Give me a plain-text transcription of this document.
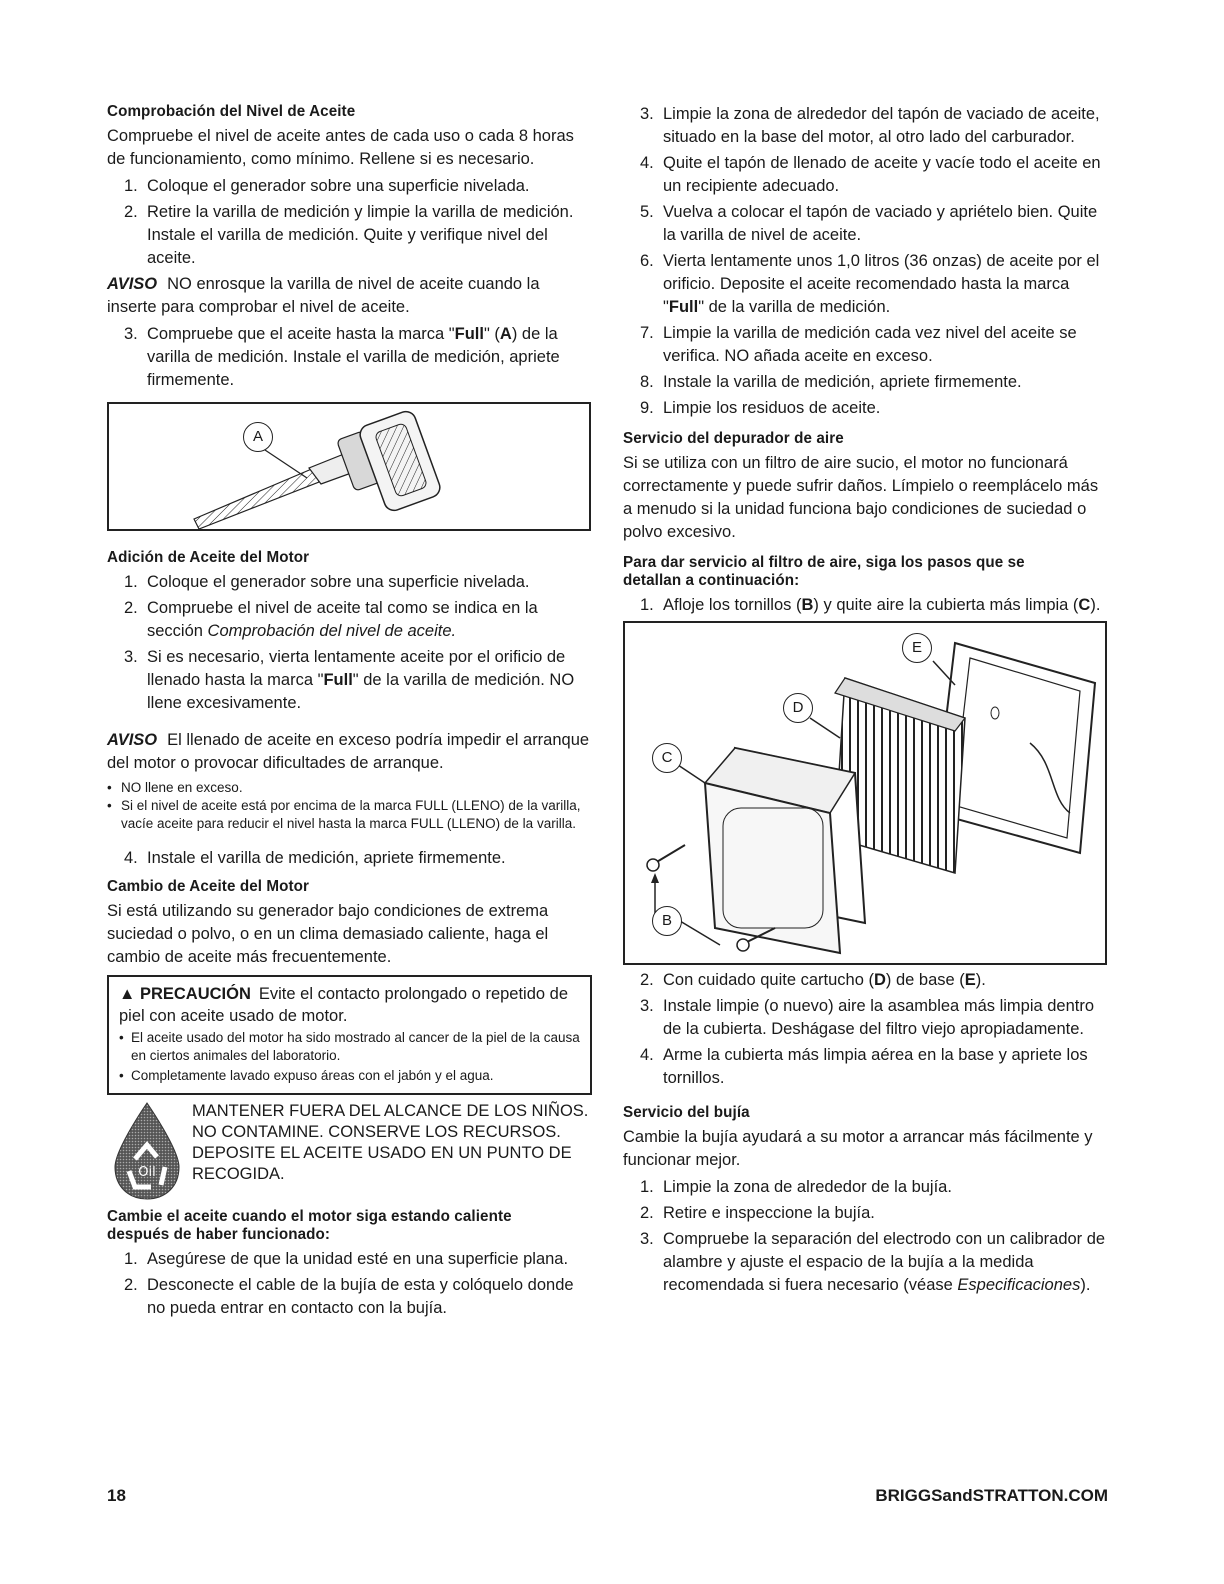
Comprobación del Nivel de Aceite

Compruebe el nivel de aceite antes de cada uso o cada 8 horas de funcionamiento, como mínimo. Rellene si es necesario.

1. Coloque el generador sobre una superficie nivelada.
2. Retire la varilla de medición y limpie la varilla de medición. Instale el varilla de medición. Quite y verifique nivel del aceite.

AVISO NO enrosque la varilla de nivel de aceite cuando la inserte para comprobar el nivel de aceite.

3. Compruebe que el aceite hasta la marca "Full" (A) de la varilla de medición. Instale el varilla de medición, apriete firmemente.
A
Adición de Aceite del Motor
1. Coloque el generador sobre una superficie nivelada.
2. Compruebe el nivel de aceite tal como se indica en la sección Comprobación del nivel de aceite.
3. Si es necesario, vierta lentamente aceite por el orificio de llenado hasta la marca "Full" de la varilla de medición. NO llene excesivamente.

AVISO El llenado de aceite en exceso podría impedir el arranque del motor o provocar dificultades de arranque.

• NO llene en exceso.
• Si el nivel de aceite está por encima de la marca FULL (LLENO) de la varilla, vacíe aceite para reducir el nivel hasta la marca FULL (LLENO) de la varilla.
4. Instale el varilla de medición, apriete firmemente.
Cambio de Aceite del Motor

Si está utilizando su generador bajo condiciones de extrema suciedad o polvo, o en un clima demasiado caliente, haga el cambio de aceite más frecuentemente.

▲ PRECAUCIÓN Evite el contacto prolongado o repetido de piel con aceite usado de motor.
• El aceite usado del motor ha sido mostrado al cancer de la piel de la causa en ciertos animales del laboratorio.
• Completamente lavado expuso áreas con el jabón y el agua.
Oil
MANTENER FUERA DEL ALCANCE DE LOS NIÑOS. NO CONTAMINE. CONSERVE LOS RECURSOS. DEPOSITE EL ACEITE USADO EN UN PUNTO DE RECOGIDA.
Cambie el aceite cuando el motor siga estando caliente después de haber funcionado:
1. Asegúrese de que la unidad esté en una superficie plana.
2. Desconecte el cable de la bujía de esta y colóquelo donde no pueda entrar en contacto con la bujía.
3. Limpie la zona de alrededor del tapón de vaciado de aceite, situado en la base del motor, al otro lado del carburador.
4. Quite el tapón de llenado de aceite y vacíe todo el aceite en un recipiente adecuado.
5. Vuelva a colocar el tapón de vaciado y apriételo bien. Quite la varilla de nivel de aceite.
6. Vierta lentamente unos 1,0 litros (36 onzas) de aceite por el orificio. Deposite el aceite recomendado hasta la marca "Full" de la varilla de medición.
7. Limpie la varilla de medición cada vez nivel del aceite se verifica. NO añada aceite en exceso.
8. Instale la varilla de medición, apriete firmemente.
9. Limpie los residuos de aceite.
Servicio del depurador de aire

Si se utiliza con un filtro de aire sucio, el motor no funcionará correctamente y puede sufrir daños. Límpielo o reemplácelo más a menudo si la unidad funciona bajo condiciones de suciedad o polvo excesivo.

Para dar servicio al filtro de aire, siga los pasos que se detallan a continuación:
1. Afloje los tornillos (B) y quite aire la cubierta más limpia (C).
E
D
C
B
2. Con cuidado quite cartucho (D) de base (E).
3. Instale limpie (o nuevo) aire la asamblea más limpia dentro de la cubierta. Deshágase del filtro viejo apropiadamente.
4. Arme la cubierta más limpia aérea en la base y apriete los tornillos.
Servicio del bujía

Cambie la bujía ayudará a su motor a arrancar más fácilmente y funcionar mejor.

1. Limpie la zona de alrededor de la bujía.
2. Retire e inspeccione la bujía.
3. Compruebe la separación del electrodo con un calibrador de alambre y ajuste el espacio de la bujía a la medida recomendada si fuera necesario (véase Especificaciones).
18	BRIGGSandSTRATTON.COM
